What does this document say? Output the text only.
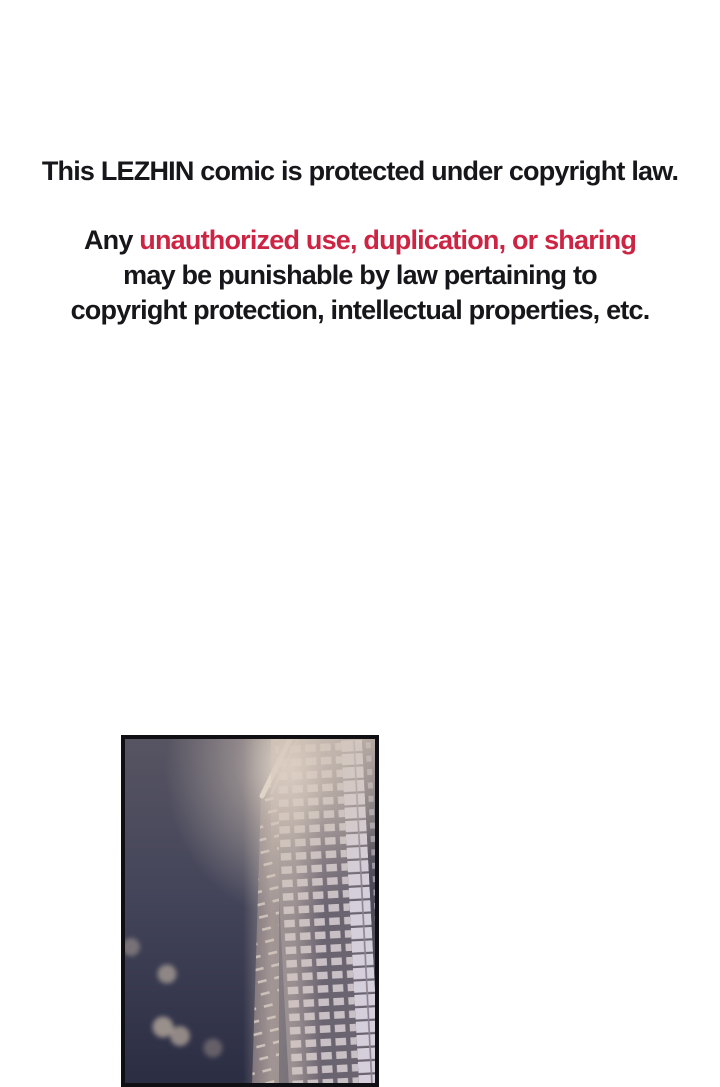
This LEZHIN comic is protected under copyright law.

Any unauthorized use, duplication, or sharing

may be punishable by law pertaining to

copyright protection, intellectual properties, etc.
